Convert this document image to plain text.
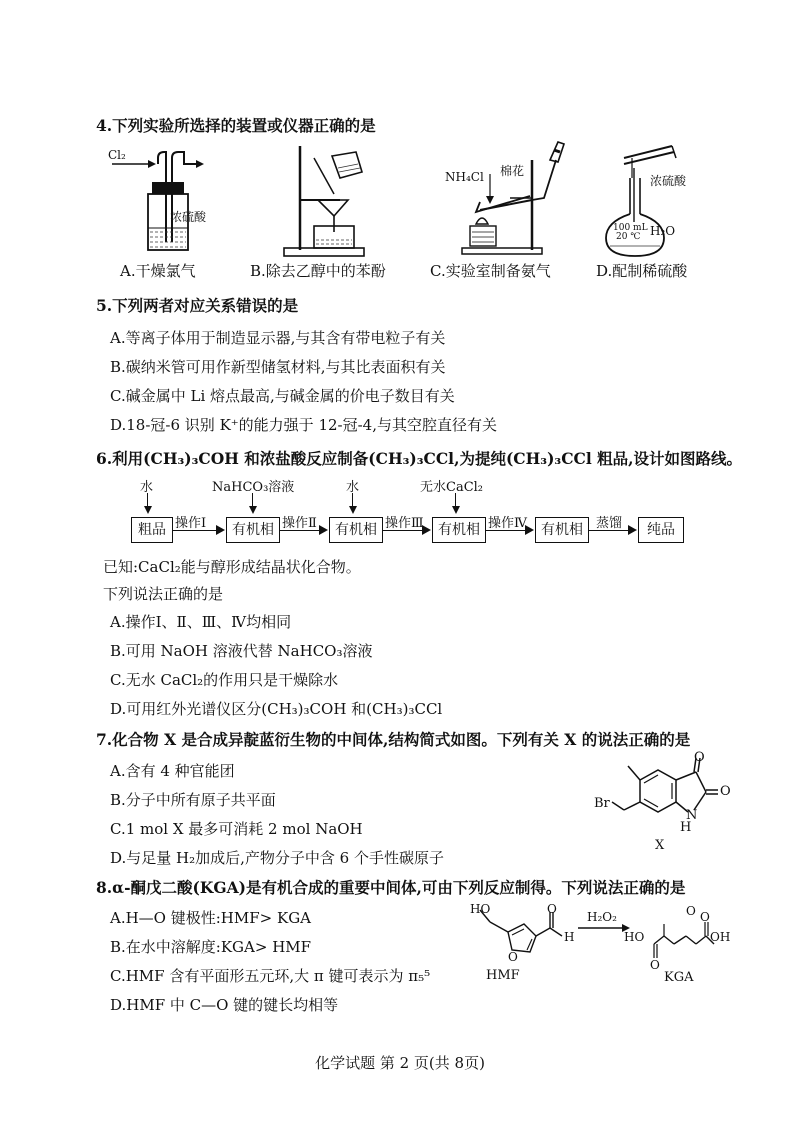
4.下列实验所选择的装置或仪器正确的是
Cl₂
浓硫酸
NH₄Cl 棉花
浓硫酸
100 mL
20 ℃ H₂O
A.干燥氯气	B.除去乙醇中的苯酚	C.实验室制备氨气	D.配制稀硫酸
5.下列两者对应关系错误的是
A.等离子体用于制造显示器,与其含有带电粒子有关
B.碳纳米管可用作新型储氢材料,与其比表面积有关
C.碱金属中 Li 熔点最高,与碱金属的价电子数目有关
D.18-冠-6 识别 K⁺的能力强于 12-冠-4,与其空腔直径有关
6.利用(CH₃)₃COH 和浓盐酸反应制备(CH₃)₃CCl,为提纯(CH₃)₃CCl 粗品,设计如图路线。
水	NaHCO₃溶液	水	无水CaCl₂
粗品 操作Ⅰ	有机相 操作Ⅱ	有机相 操作Ⅲ	有机相 操作Ⅳ	有机相	蒸馏	纯品
已知:CaCl₂能与醇形成结晶状化合物。
下列说法正确的是
A.操作Ⅰ、Ⅱ、Ⅲ、Ⅳ均相同
B.可用 NaOH 溶液代替 NaHCO₃溶液
C.无水 CaCl₂的作用只是干燥除水
D.可用红外光谱仪区分(CH₃)₃COH 和(CH₃)₃CCl
7.化合物 X 是合成异靛蓝衍生物的中间体,结构简式如图。下列有关 X 的说法正确的是
A.含有 4 种官能团
B.分子中所有原子共平面
C.1 mol X 最多可消耗 2 mol NaOH
D.与足量 H₂加成后,产物分子中含 6 个手性碳原子
Br
O
O
N
H
X
8.α-酮戊二酸(KGA)是有机合成的重要中间体,可由下列反应制得。下列说法正确的是
A.H—O 键极性:HMF> KGA
B.在水中溶解度:KGA> HMF
C.HMF 含有平面形五元环,大 π 键可表示为 π₅⁵
D.HMF 中 C—O 键的键长均相等
HO
O
O
H
H₂O₂
HMF
HO
O O
OH
O
KGA
化学试题 第 2 页(共 8页)
